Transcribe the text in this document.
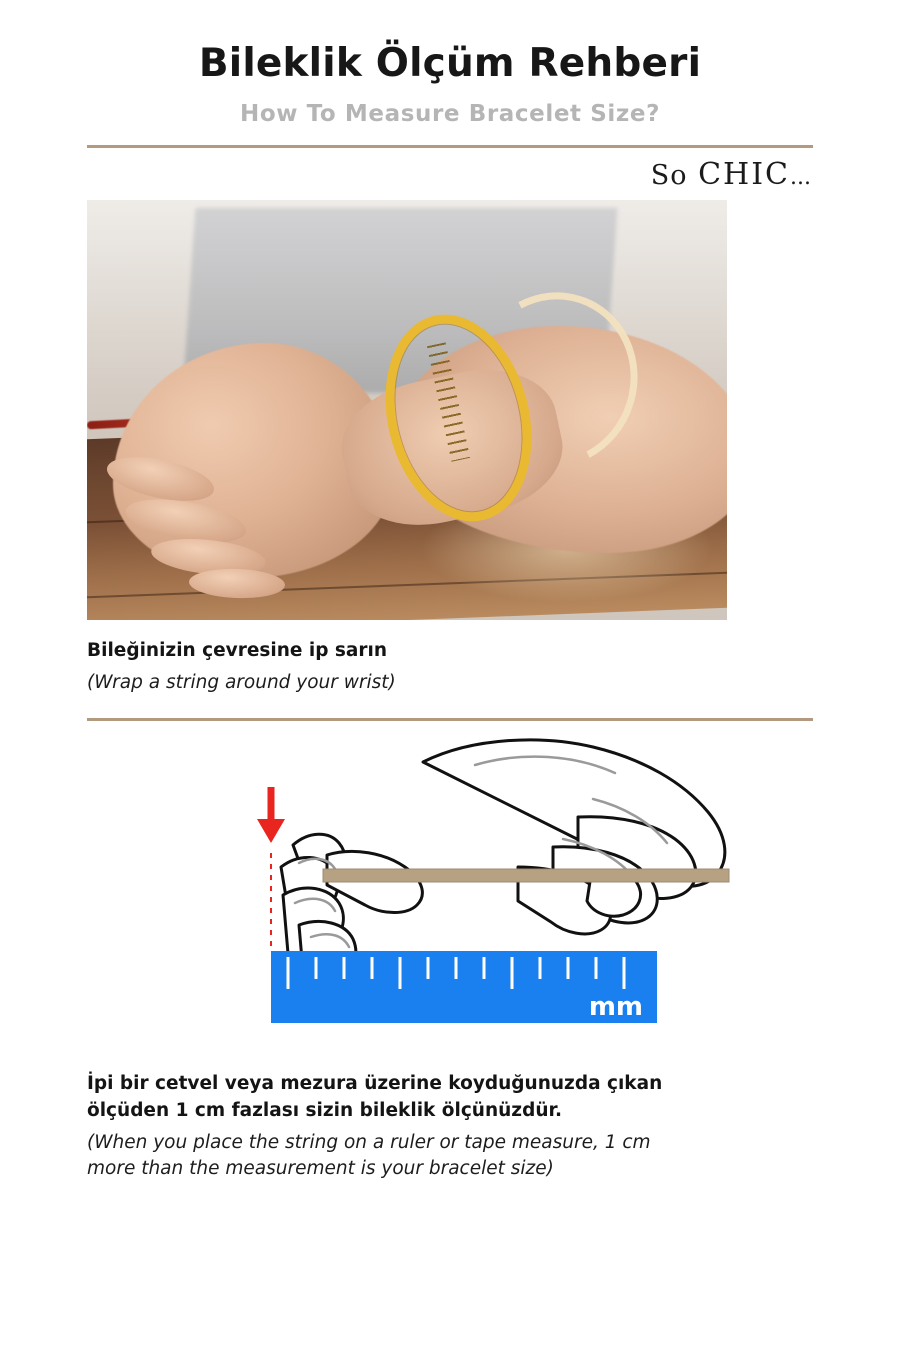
Bileklik Ölçüm Rehberi

How To Measure Bracelet Size?

So CHIC...

Bileğinizin çevresine ip sarın

(Wrap a string around your wrist)

mm

İpi bir cetvel veya mezura üzerine koyduğunuzda çıkan
ölçüden 1 cm fazlası sizin bileklik ölçünüzdür.

(When you place the string on a ruler or tape measure, 1 cm
more than the measurement is your bracelet size)
